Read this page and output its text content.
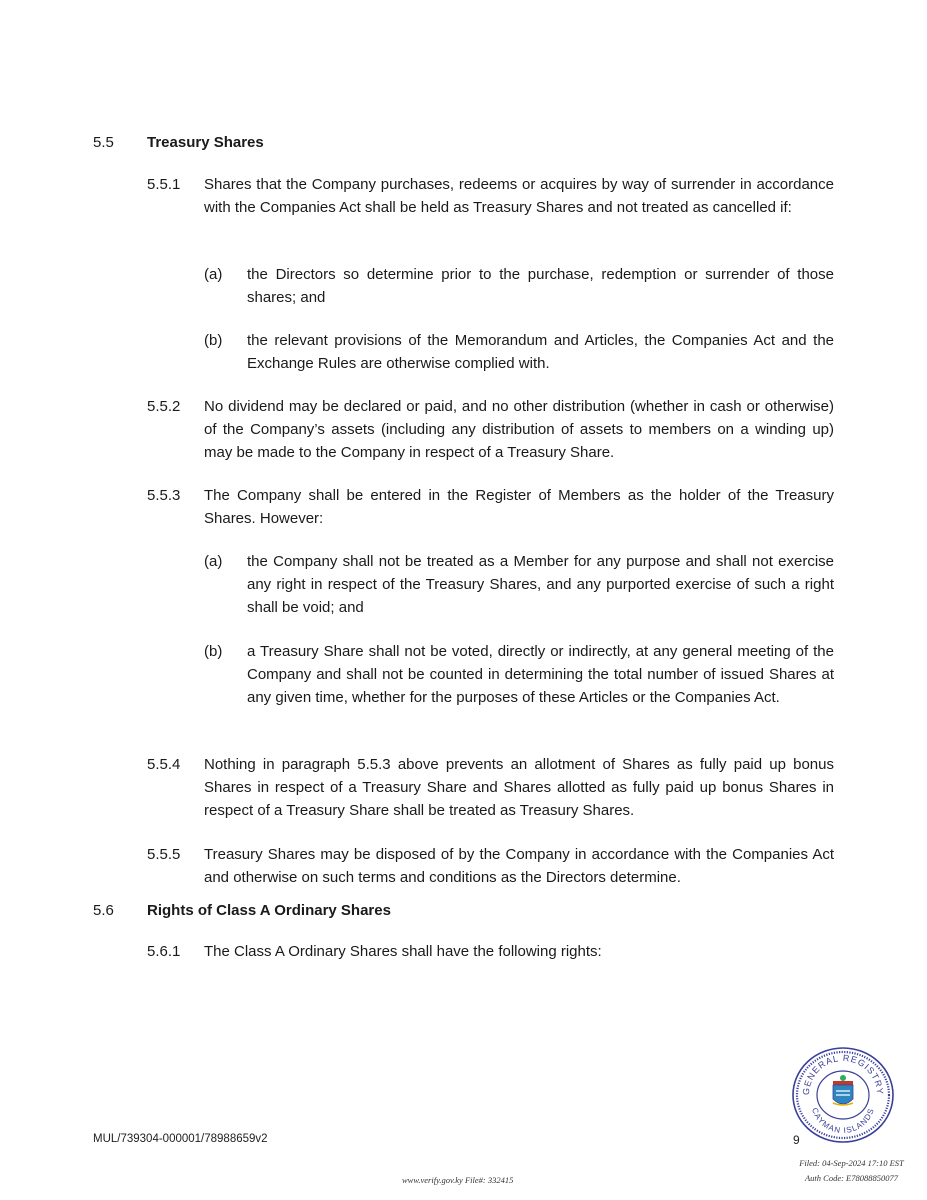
5.5 Treasury Shares
5.5.1 Shares that the Company purchases, redeems or acquires by way of surrender in accordance with the Companies Act shall be held as Treasury Shares and not treated as cancelled if:
(a) the Directors so determine prior to the purchase, redemption or surrender of those shares; and
(b) the relevant provisions of the Memorandum and Articles, the Companies Act and the Exchange Rules are otherwise complied with.
5.5.2 No dividend may be declared or paid, and no other distribution (whether in cash or otherwise) of the Company’s assets (including any distribution of assets to members on a winding up) may be made to the Company in respect of a Treasury Share.
5.5.3 The Company shall be entered in the Register of Members as the holder of the Treasury Shares. However:
(a) the Company shall not be treated as a Member for any purpose and shall not exercise any right in respect of the Treasury Shares, and any purported exercise of such a right shall be void; and
(b) a Treasury Share shall not be voted, directly or indirectly, at any general meeting of the Company and shall not be counted in determining the total number of issued Shares at any given time, whether for the purposes of these Articles or the Companies Act.
5.5.4 Nothing in paragraph 5.5.3 above prevents an allotment of Shares as fully paid up bonus Shares in respect of a Treasury Share and Shares allotted as fully paid up bonus Shares in respect of a Treasury Share shall be treated as Treasury Shares.
5.5.5 Treasury Shares may be disposed of by the Company in accordance with the Companies Act and otherwise on such terms and conditions as the Directors determine.
5.6 Rights of Class A Ordinary Shares
5.6.1 The Class A Ordinary Shares shall have the following rights:
MUL/739304-000001/78988659v2	9
www.verify.gov.ky File#: 332415
Filed: 04-Sep-2024 17:10 EST
Auth Code: E78088850077
GENERAL REGISTRY
CAYMAN ISLANDS
